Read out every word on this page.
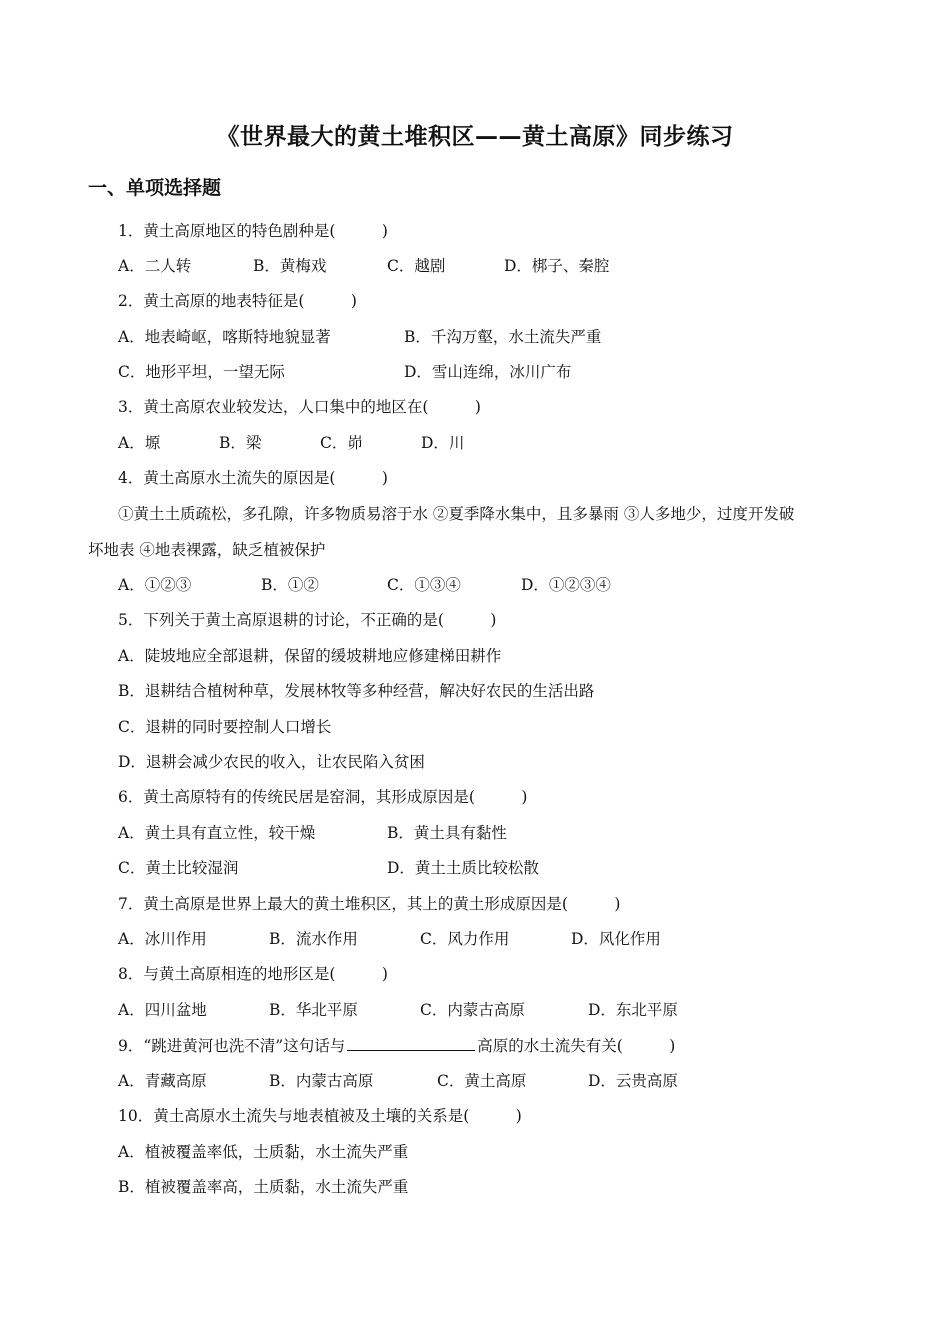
《世界最大的黄土堆积区——黄土高原》同步练习
一、单项选择题
1．黄土高原地区的特色剧种是(　　　)
A．二人转	B．黄梅戏	C．越剧	D．梆子、秦腔
2．黄土高原的地表特征是(　　　)
A．地表崎岖，喀斯特地貌显著	B．千沟万壑，水土流失严重
C．地形平坦，一望无际	D．雪山连绵，冰川广布
3．黄土高原农业较发达，人口集中的地区在(　　　)
A．塬	B．梁	C．峁	D．川
4．黄土高原水土流失的原因是(　　　)
①黄土土质疏松，多孔隙，许多物质易溶于水 ②夏季降水集中，且多暴雨 ③人多地少，过度开发破
坏地表 ④地表裸露，缺乏植被保护
A．①②③	B．①②	C．①③④	D．①②③④
5．下列关于黄土高原退耕的讨论，不正确的是(　　　)
A．陡坡地应全部退耕，保留的缓坡耕地应修建梯田耕作
B．退耕结合植树种草，发展林牧等多种经营，解决好农民的生活出路
C．退耕的同时要控制人口增长
D．退耕会减少农民的收入，让农民陷入贫困
6．黄土高原特有的传统民居是窑洞，其形成原因是(　　　)
A．黄土具有直立性，较干燥	B．黄土具有黏性
C．黄土比较湿润	D．黄土土质比较松散
7．黄土高原是世界上最大的黄土堆积区，其上的黄土形成原因是(　　　)
A．冰川作用	B．流水作用	C．风力作用	D．风化作用
8．与黄土高原相连的地形区是(　　　)
A．四川盆地	B．华北平原	C．内蒙古高原	D．东北平原
9．“跳进黄河也洗不清”这句话与	高原的水土流失有关(　　　)
A．青藏高原	B．内蒙古高原	C．黄土高原	D．云贵高原
10．黄土高原水土流失与地表植被及土壤的关系是(　　　)
A．植被覆盖率低，土质黏，水土流失严重
B．植被覆盖率高，土质黏，水土流失严重
